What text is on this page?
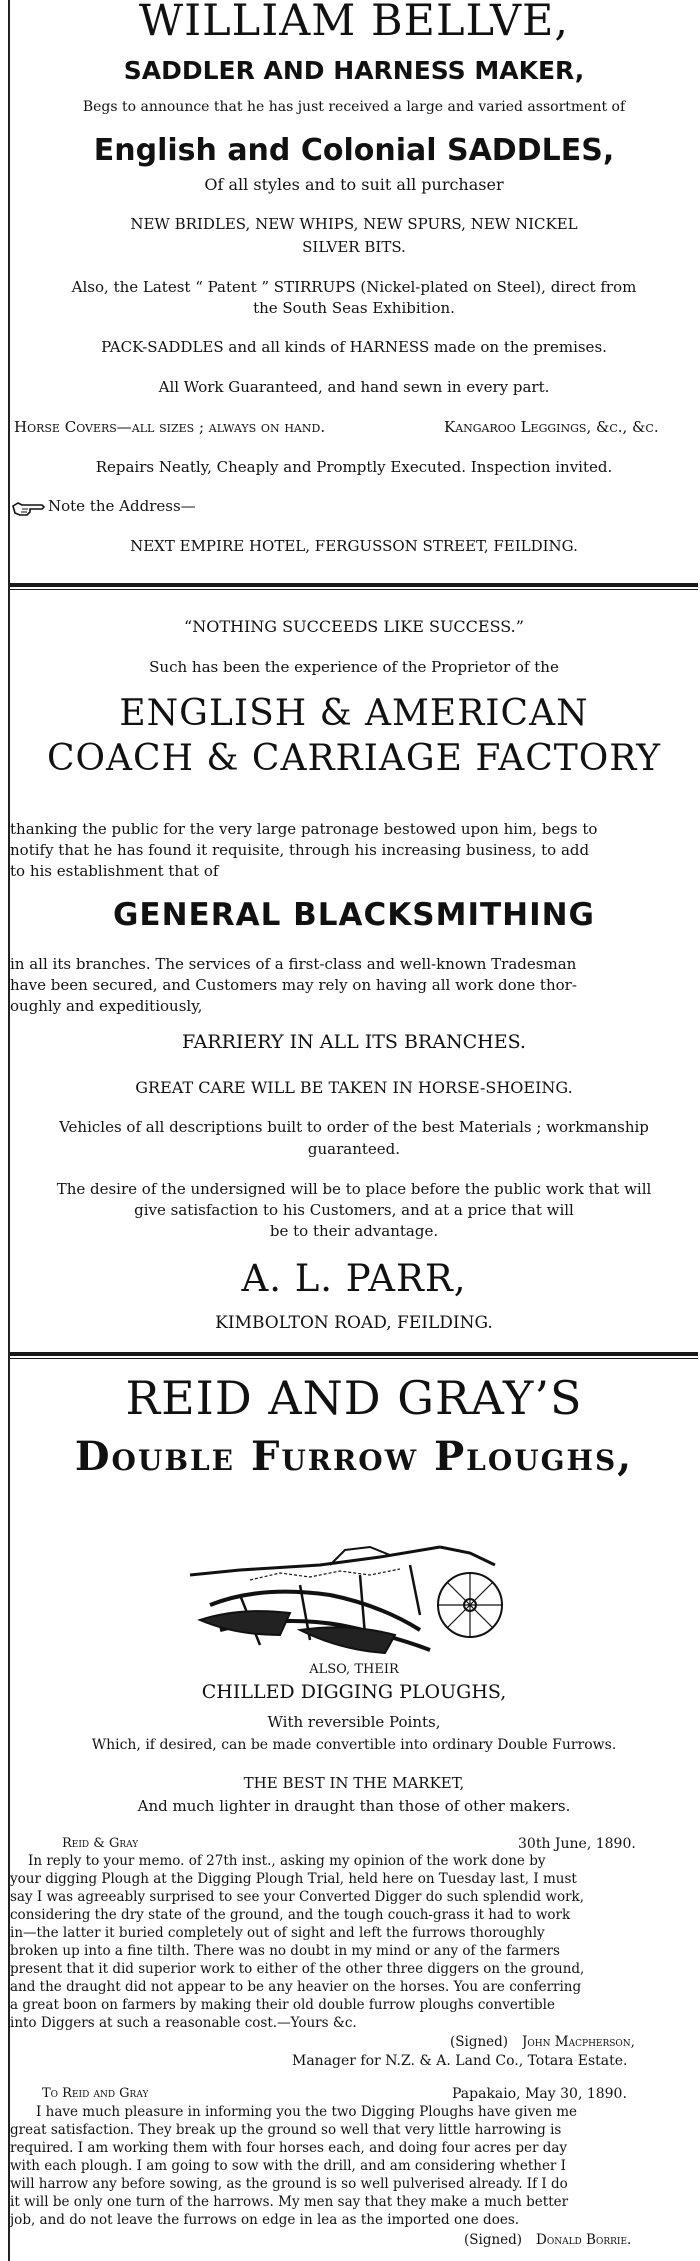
WILLIAM BELLVE,
SADDLER AND HARNESS MAKER,
Begs to announce that he has just received a large and varied assortment of
English and Colonial SADDLES,
Of all styles and to suit all purchaser
NEW BRIDLES, NEW WHIPS, NEW SPURS, NEW NICKEL
SILVER BITS.
Also, the Latest “ Patent ” STIRRUPS (Nickel-plated on Steel), direct from
the South Seas Exhibition.
PACK-SADDLES and all kinds of HARNESS made on the premises.
All Work Guaranteed, and hand sewn in every part.
Horse Covers—all sizes ; always on hand.	Kangaroo Leggings, &c., &c.
Repairs Neatly, Cheaply and Promptly Executed. Inspection invited.
Note the Address—
NEXT EMPIRE HOTEL, FERGUSSON STREET, FEILDING.
“NOTHING SUCCEEDS LIKE SUCCESS.”
Such has been the experience of the Proprietor of the
ENGLISH & AMERICAN
COACH & CARRIAGE FACTORY
thanking the public for the very large patronage bestowed upon him, begs to
notify that he has found it requisite, through his increasing business, to add
to his establishment that of
GENERAL BLACKSMITHING
in all its branches. The services of a first-class and well-known Tradesman
have been secured, and Customers may rely on having all work done thor-
oughly and expeditiously,
FARRIERY IN ALL ITS BRANCHES.
GREAT CARE WILL BE TAKEN IN HORSE-SHOEING.
Vehicles of all descriptions built to order of the best Materials ; workmanship
guaranteed.
The desire of the undersigned will be to place before the public work that will
give satisfaction to his Customers, and at a price that will
be to their advantage.
A. L. PARR,
KIMBOLTON ROAD, FEILDING.
REID AND GRAY’S
Double Furrow Ploughs,
ALSO, THEIR
CHILLED DIGGING PLOUGHS,
With reversible Points,
Which, if desired, can be made convertible into ordinary Double Furrows.
THE BEST IN THE MARKET,
And much lighter in draught than those of other makers.
Reid & Gray	30th June, 1890.
In reply to your memo. of 27th inst., asking my opinion of the work done by
your digging Plough at the Digging Plough Trial, held here on Tuesday last, I must
say I was agreeably surprised to see your Converted Digger do such splendid work,
considering the dry state of the ground, and the tough couch-grass it had to work
in—the latter it buried completely out of sight and left the furrows thoroughly
broken up into a fine tilth. There was no doubt in my mind or any of the farmers
present that it did superior work to either of the other three diggers on the ground,
and the draught did not appear to be any heavier on the horses. You are conferring
a great boon on farmers by making their old double furrow ploughs convertible
into Diggers at such a reasonable cost.—Yours &c.
(Signed) John Macpherson,
Manager for N.Z. & A. Land Co., Totara Estate.
To Reid and Gray	Papakaio, May 30, 1890.
I have much pleasure in informing you the two Digging Ploughs have given me
great satisfaction. They break up the ground so well that very little harrowing is
required. I am working them with four horses each, and doing four acres per day
with each plough. I am going to sow with the drill, and am considering whether I
will harrow any before sowing, as the ground is so well pulverised already. If I do
it will be only one turn of the harrows. My men say that they make a much better
job, and do not leave the furrows on edge in lea as the imported one does.
(Signed) Donald Borrie.
